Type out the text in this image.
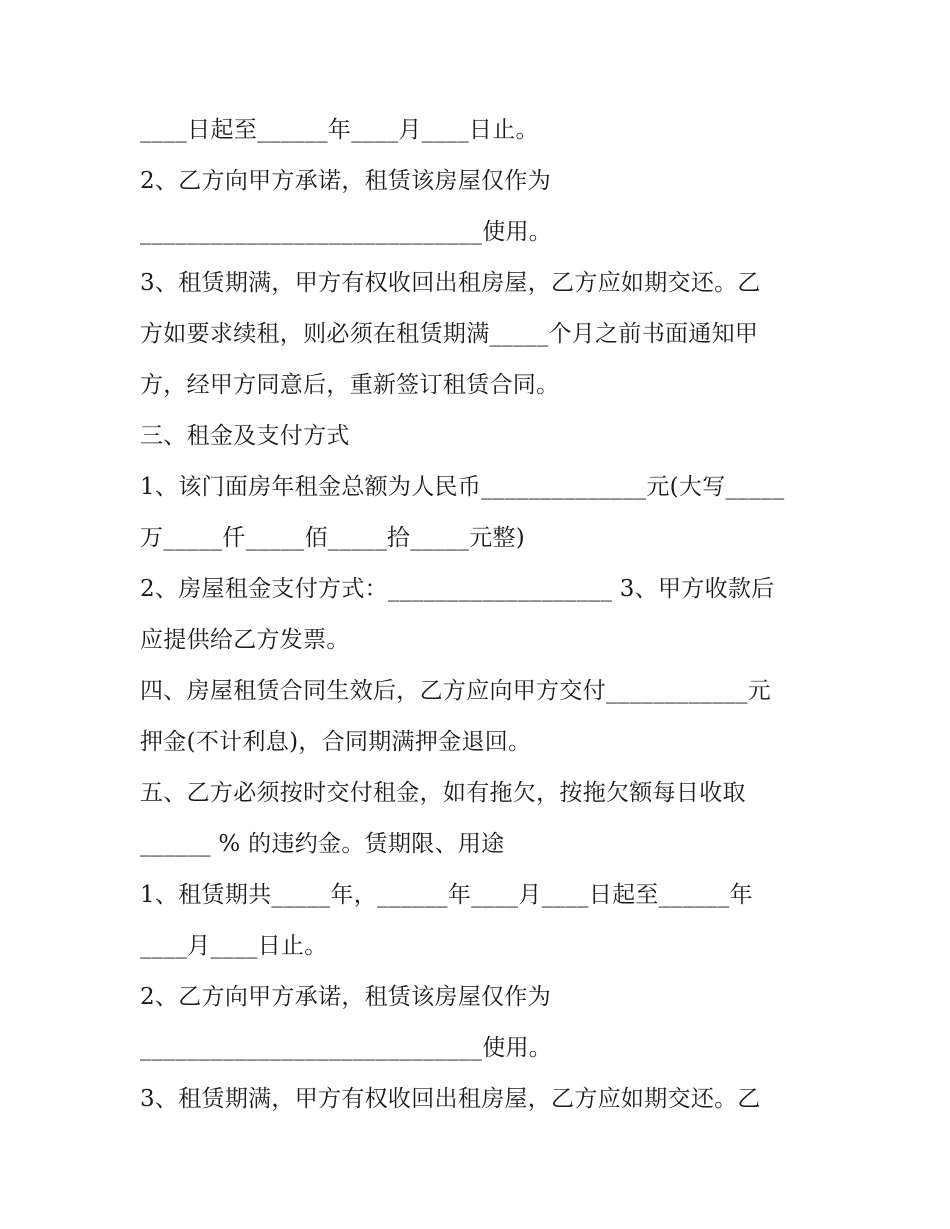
____日起至______年____月____日止。
2、乙方向甲方承诺，租赁该房屋仅作为
_____________________________使用。
3、租赁期满，甲方有权收回出租房屋，乙方应如期交还。乙
方如要求续租，则必须在租赁期满_____个月之前书面通知甲
方，经甲方同意后，重新签订租赁合同。
三、租金及支付方式
1、该门面房年租金总额为人民币______________元(大写_____
万_____仟_____佰_____拾_____元整)
2、房屋租金支付方式：___________________ 3、甲方收款后
应提供给乙方发票。
四、房屋租赁合同生效后，乙方应向甲方交付____________元
押金(不计利息)，合同期满押金退回。
五、乙方必须按时交付租金，如有拖欠，按拖欠额每日收取
______ % 的违约金。赁期限、用途
1、租赁期共_____年，______年____月____日起至______年
____月____日止。
2、乙方向甲方承诺，租赁该房屋仅作为
_____________________________使用。
3、租赁期满，甲方有权收回出租房屋，乙方应如期交还。乙
